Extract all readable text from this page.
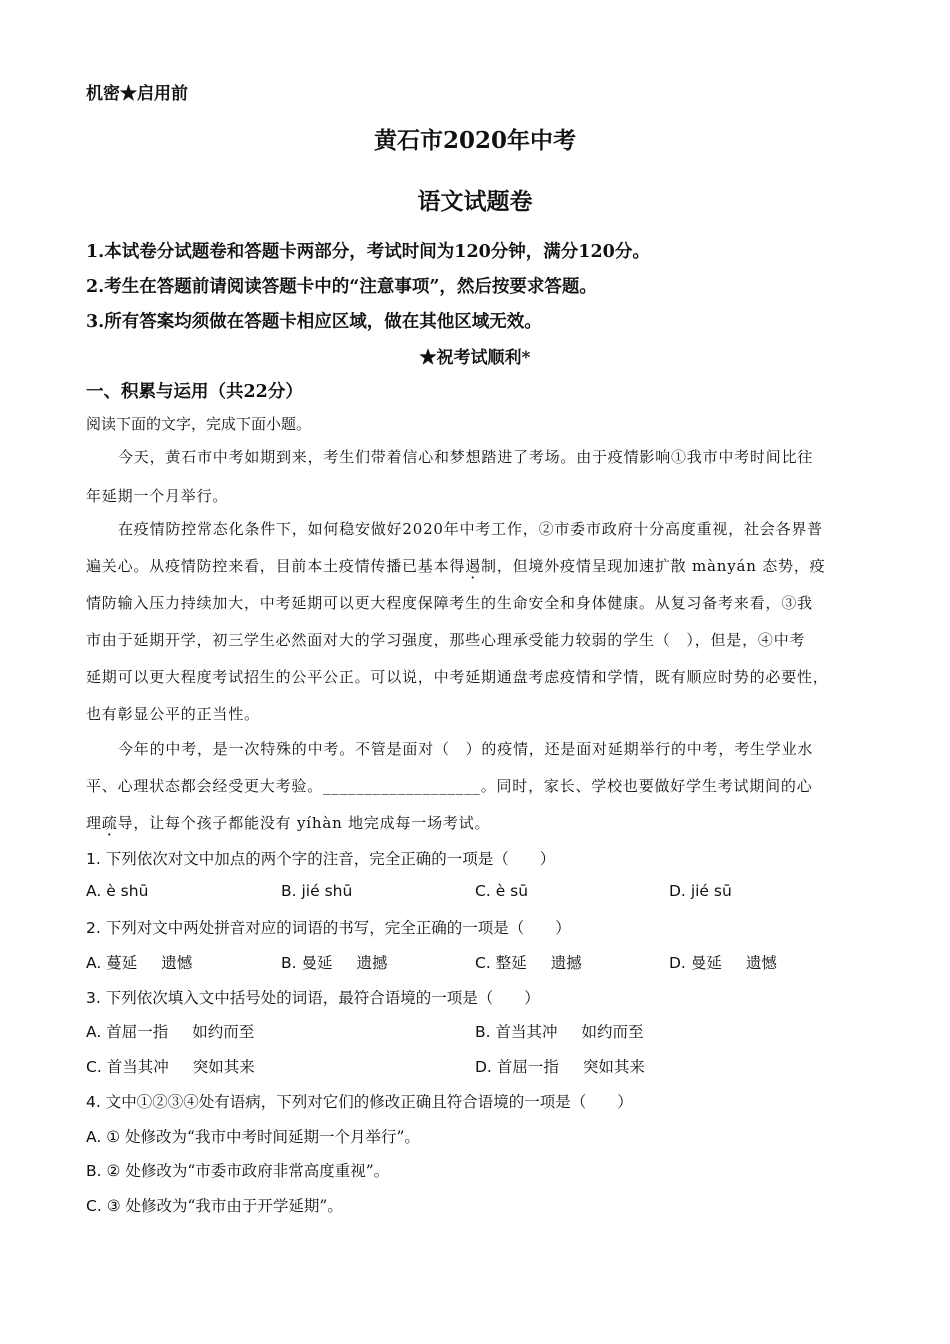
机密★启用前
黄石市2020年中考
语文试题卷
1.本试卷分试题卷和答题卡两部分，考试时间为120分钟，满分120分。
2.考生在答题前请阅读答题卡中的“注意事项”，然后按要求答题。
3.所有答案均须做在答题卡相应区域，做在其他区域无效。
★祝考试顺利*
一、积累与运用（共22分）
阅读下面的文字，完成下面小题。
今天，黄石市中考如期到来，考生们带着信心和梦想踏进了考场。由于疫情影响①我市中考时间比往
年延期一个月举行。
在疫情防控常态化条件下，如何稳安做好2020年中考工作，②市委市政府十分高度重视，社会各界普
遍关心。从疫情防控来看，目前本土疫情传播已基本得遏制，但境外疫情呈现加速扩散 mànyán 态势，疫
情防输入压力持续加大，中考延期可以更大程度保障考生的生命安全和身体健康。从复习备考来看，③我
市由于延期开学，初三学生必然面对大的学习强度，那些心理承受能力较弱的学生（　），但是，④中考
延期可以更大程度考试招生的公平公正。可以说，中考延期通盘考虑疫情和学情，既有顺应时势的必要性，
也有彰显公平的正当性。
今年的中考，是一次特殊的中考。不管是面对（　）的疫情，还是面对延期举行的中考，考生学业水
平、心理状态都会经受更大考验。___________________。同时，家长、学校也要做好学生考试期间的心
理疏导，让每个孩子都能没有 yíhàn 地完成每一场考试。
1. 下列依次对文中加点的两个字的注音，完全正确的一项是（　　）
A. è shū	B. jié shū	C. è sū	D. jié sū
2. 下列对文中两处拼音对应的词语的书写，完全正确的一项是（　　）
A. 蔓延 遗憾	B. 曼延 遗撼	C. 整延 遗撼	D. 曼延 遗憾
3. 下列依次填入文中括号处的词语，最符合语境的一项是（　　）
A. 首屈一指 如约而至	B. 首当其冲 如约而至
C. 首当其冲 突如其来	D. 首屈一指 突如其来
4. 文中①②③④处有语病，下列对它们的修改正确且符合语境的一项是（　　）
A. ① 处修改为“我市中考时间延期一个月举行”。
B. ② 处修改为“市委市政府非常高度重视”。
C. ③ 处修改为“我市由于开学延期”。
